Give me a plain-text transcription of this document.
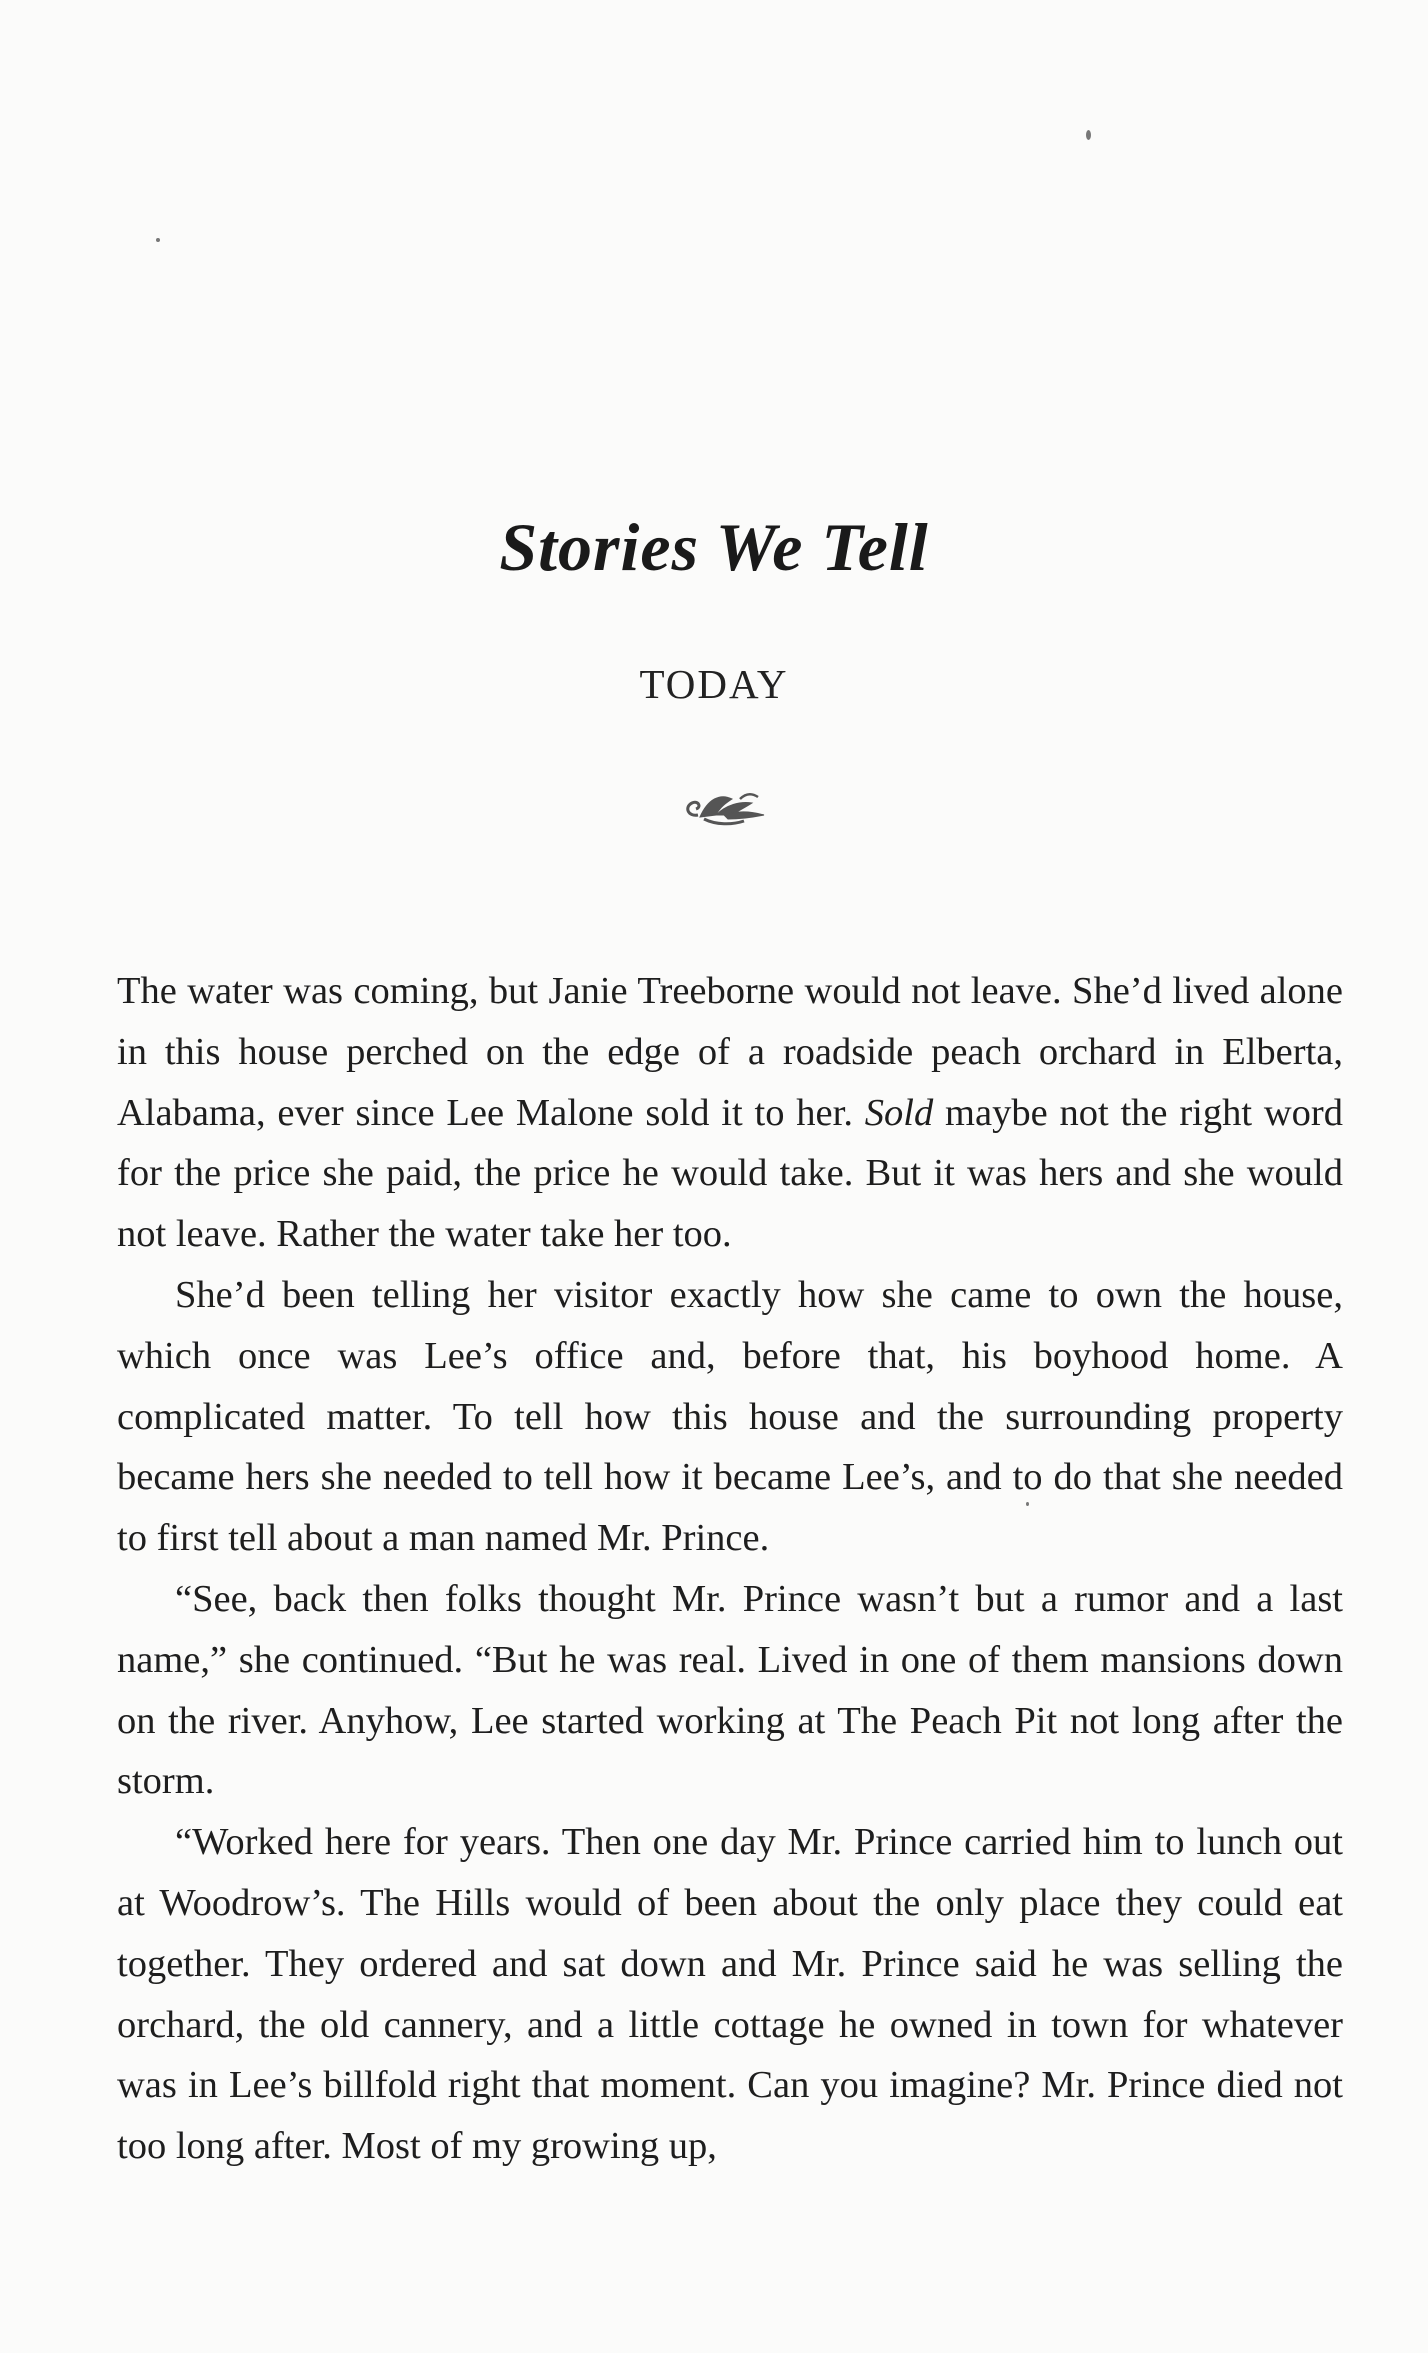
Stories We Tell
TODAY

The water was coming, but Janie Treeborne would not leave. She’d lived alone in this house perched on the edge of a roadside peach orchard in Elberta, Alabama, ever since Lee Malone sold it to her. Sold maybe not the right word for the price she paid, the price he would take. But it was hers and she would not leave. Rather the water take her too.

She’d been telling her visitor exactly how she came to own the house, which once was Lee’s office and, before that, his boyhood home. A complicated matter. To tell how this house and the surrounding property became hers she needed to tell how it became Lee’s, and to do that she needed to first tell about a man named Mr. Prince.

“See, back then folks thought Mr. Prince wasn’t but a rumor and a last name,” she continued. “But he was real. Lived in one of them mansions down on the river. Anyhow, Lee started working at The Peach Pit not long after the storm.

“Worked here for years. Then one day Mr. Prince carried him to lunch out at Woodrow’s. The Hills would of been about the only place they could eat together. They ordered and sat down and Mr. Prince said he was selling the orchard, the old cannery, and a little cottage he owned in town for whatever was in Lee’s billfold right that moment. Can you imagine? Mr. Prince died not too long after. Most of my growing up,
